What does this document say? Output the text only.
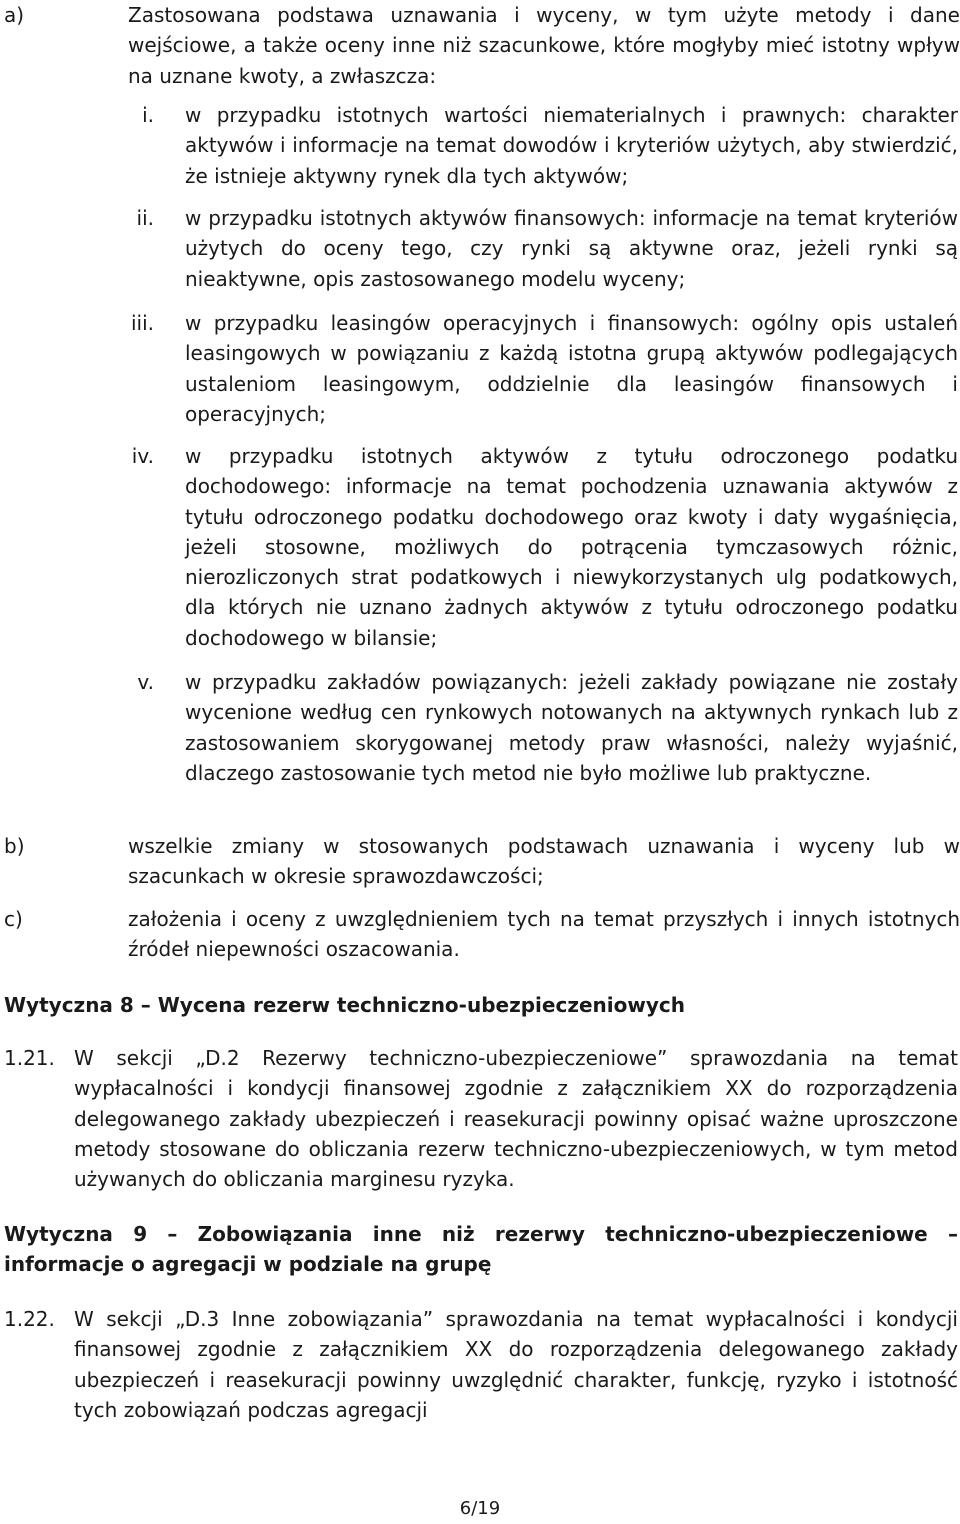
a)	Zastosowana podstawa uznawania i wyceny, w tym użyte metody i dane wejściowe, a także oceny inne niż szacunkowe, które mogłyby mieć istotny wpływ na uznane kwoty, a zwłaszcza:
i. w przypadku istotnych wartości niematerialnych i prawnych: charakter aktywów i informacje na temat dowodów i kryteriów użytych, aby stwierdzić, że istnieje aktywny rynek dla tych aktywów;
ii. w przypadku istotnych aktywów finansowych: informacje na temat kryteriów użytych do oceny tego, czy rynki są aktywne oraz, jeżeli rynki są nieaktywne, opis zastosowanego modelu wyceny;
iii. w przypadku leasingów operacyjnych i finansowych: ogólny opis ustaleń leasingowych w powiązaniu z każdą istotna grupą aktywów podlegających ustaleniom leasingowym, oddzielnie dla leasingów finansowych i operacyjnych;
iv. w przypadku istotnych aktywów z tytułu odroczonego podatku dochodowego: informacje na temat pochodzenia uznawania aktywów z tytułu odroczonego podatku dochodowego oraz kwoty i daty wygaśnięcia, jeżeli stosowne, możliwych do potrącenia tymczasowych różnic, nierozliczonych strat podatkowych i niewykorzystanych ulg podatkowych, dla których nie uznano żadnych aktywów z tytułu odroczonego podatku dochodowego w bilansie;
v. w przypadku zakładów powiązanych: jeżeli zakłady powiązane nie zostały wycenione według cen rynkowych notowanych na aktywnych rynkach lub z zastosowaniem skorygowanej metody praw własności, należy wyjaśnić, dlaczego zastosowanie tych metod nie było możliwe lub praktyczne.
b)	wszelkie zmiany w stosowanych podstawach uznawania i wyceny lub w szacunkach w okresie sprawozdawczości;
c)	założenia i oceny z uwzględnieniem tych na temat przyszłych i innych istotnych źródeł niepewności oszacowania.
Wytyczna 8 – Wycena rezerw techniczno-ubezpieczeniowych
1.21. W sekcji „D.2 Rezerwy techniczno-ubezpieczeniowe” sprawozdania na temat wypłacalności i kondycji finansowej zgodnie z załącznikiem XX do rozporządzenia delegowanego zakłady ubezpieczeń i reasekuracji powinny opisać ważne uproszczone metody stosowane do obliczania rezerw techniczno-ubezpieczeniowych, w tym metod używanych do obliczania marginesu ryzyka.
Wytyczna 9 – Zobowiązania inne niż rezerwy techniczno-ubezpieczeniowe – informacje o agregacji w podziale na grupę
1.22. W sekcji „D.3 Inne zobowiązania” sprawozdania na temat wypłacalności i kondycji finansowej zgodnie z załącznikiem XX do rozporządzenia delegowanego zakłady ubezpieczeń i reasekuracji powinny uwzględnić charakter, funkcję, ryzyko i istotność tych zobowiązań podczas agregacji
6/19
